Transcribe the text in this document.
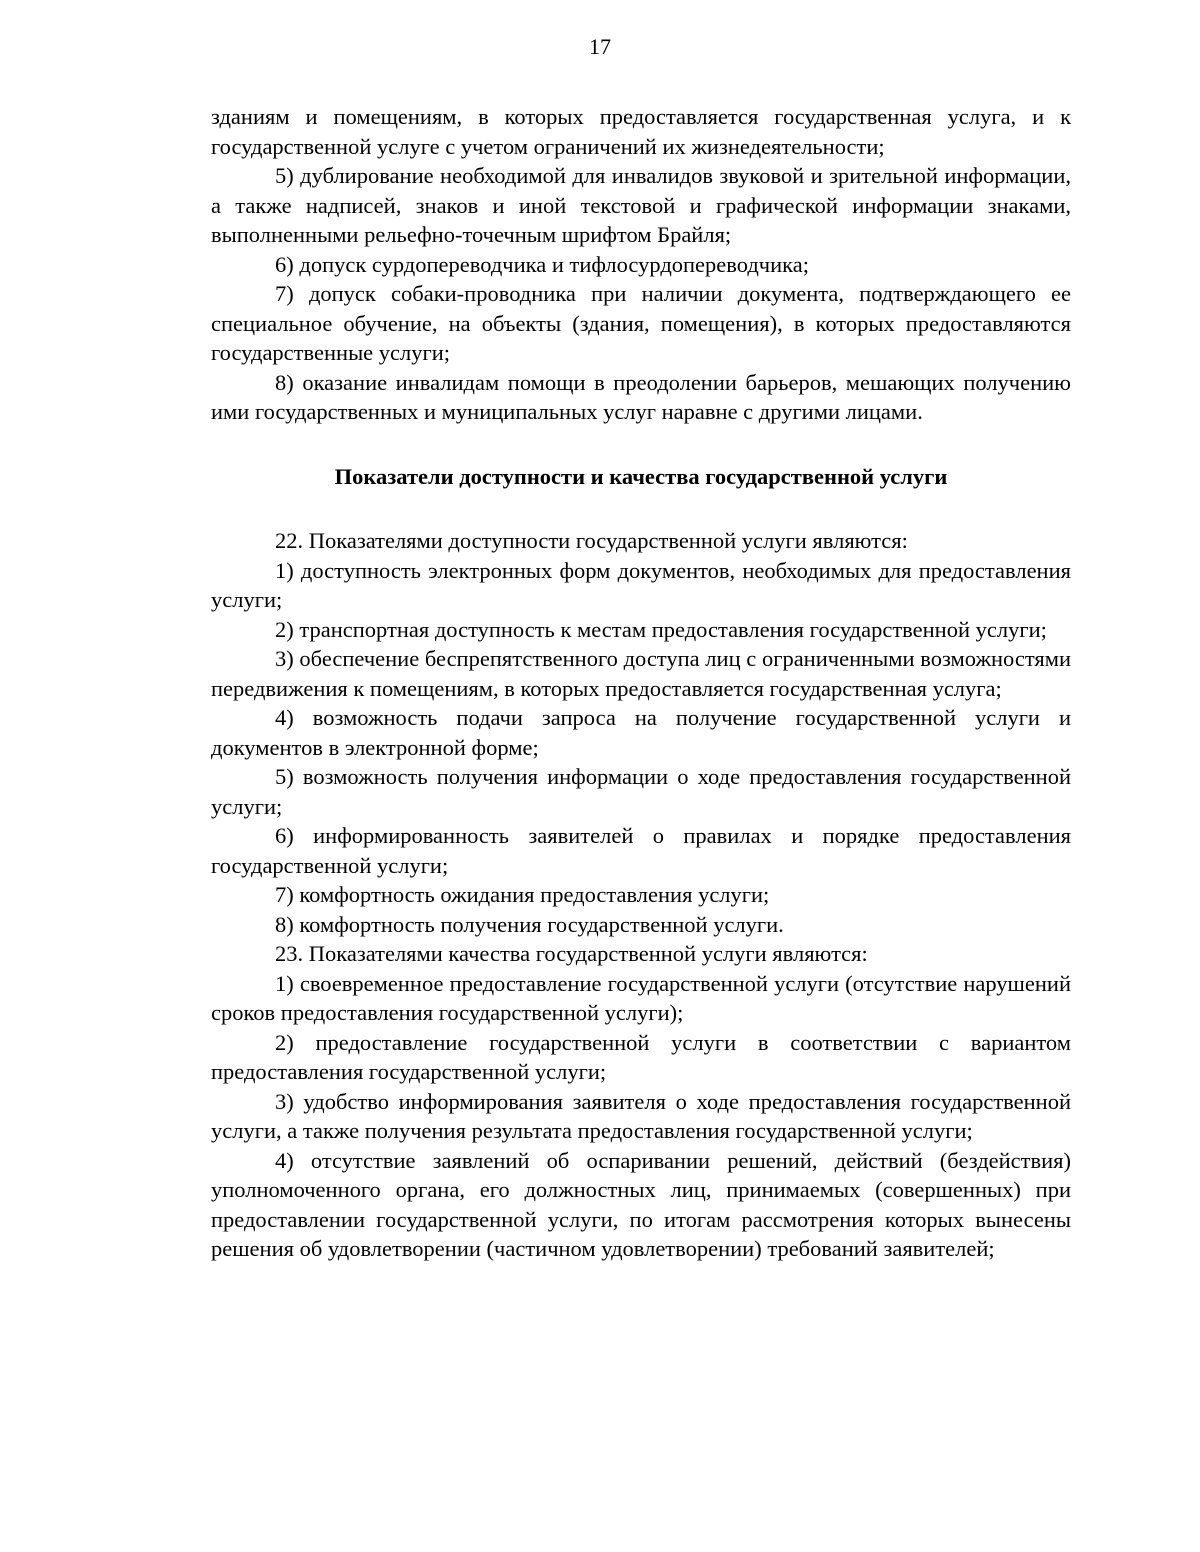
17

зданиям и помещениям, в которых предоставляется государственная услуга, и к государственной услуге с учетом ограничений их жизнедеятельности;

5) дублирование необходимой для инвалидов звуковой и зрительной информации, а также надписей, знаков и иной текстовой и графической информации знаками, выполненными рельефно-точечным шрифтом Брайля;

6) допуск сурдопереводчика и тифлосурдопереводчика;

7) допуск собаки-проводника при наличии документа, подтверждающего ее специальное обучение, на объекты (здания, помещения), в которых предоставляются государственные услуги;

8) оказание инвалидам помощи в преодолении барьеров, мешающих получению ими государственных и муниципальных услуг наравне с другими лицами.

Показатели доступности и качества государственной услуги

22. Показателями доступности государственной услуги являются:

1) доступность электронных форм документов, необходимых для предоставления услуги;

2) транспортная доступность к местам предоставления государственной услуги;

3) обеспечение беспрепятственного доступа лиц с ограниченными возможностями передвижения к помещениям, в которых предоставляется государственная услуга;

4) возможность подачи запроса на получение государственной услуги и документов в электронной форме;

5) возможность получения информации о ходе предоставления государственной услуги;

6) информированность заявителей о правилах и порядке предоставления государственной услуги;

7) комфортность ожидания предоставления услуги;

8) комфортность получения государственной услуги.

23. Показателями качества государственной услуги являются:

1) своевременное предоставление государственной услуги (отсутствие нарушений сроков предоставления государственной услуги);

2) предоставление государственной услуги в соответствии с вариантом предоставления государственной услуги;

3) удобство информирования заявителя о ходе предоставления государственной услуги, а также получения результата предоставления государственной услуги;

4) отсутствие заявлений об оспаривании решений, действий (бездействия) уполномоченного органа, его должностных лиц, принимаемых (совершенных) при предоставлении государственной услуги, по итогам рассмотрения которых вынесены решения об удовлетворении (частичном удовлетворении) требований заявителей;
